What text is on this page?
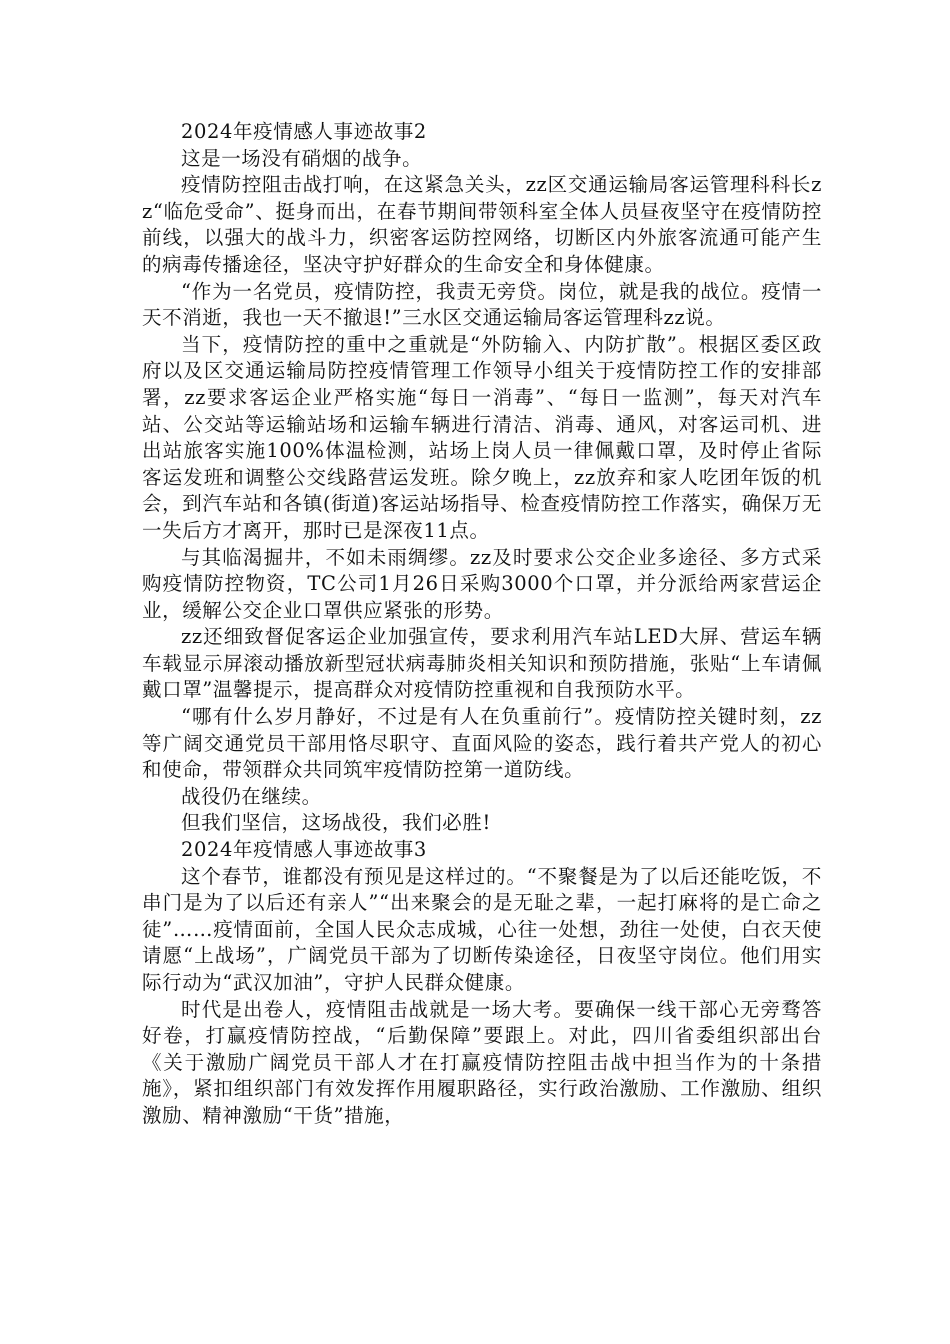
2024年疫情感人事迹故事2

这是一场没有硝烟的战争。

疫情防控阻击战打响，在这紧急关头，zz区交通运输局客运管理科科长zz“临危受命”、挺身而出，在春节期间带领科室全体人员昼夜坚守在疫情防控前线，以强大的战斗力，织密客运防控网络，切断区内外旅客流通可能产生的病毒传播途径，坚决守护好群众的生命安全和身体健康。

“作为一名党员，疫情防控，我责无旁贷。岗位，就是我的战位。疫情一天不消逝，我也一天不撤退!”三水区交通运输局客运管理科zz说。

当下，疫情防控的重中之重就是“外防输入、内防扩散”。根据区委区政府以及区交通运输局防控疫情管理工作领导小组关于疫情防控工作的安排部署，zz要求客运企业严格实施“每日一消毒”、“每日一监测”，每天对汽车站、公交站等运输站场和运输车辆进行清洁、消毒、通风，对客运司机、进出站旅客实施100%体温检测，站场上岗人员一律佩戴口罩，及时停止省际客运发班和调整公交线路营运发班。除夕晚上，zz放弃和家人吃团年饭的机会，到汽车站和各镇(街道)客运站场指导、检查疫情防控工作落实，确保万无一失后方才离开，那时已是深夜11点。

与其临渴掘井，不如未雨绸缪。zz及时要求公交企业多途径、多方式采购疫情防控物资，TC公司1月26日采购3000个口罩，并分派给两家营运企业，缓解公交企业口罩供应紧张的形势。

zz还细致督促客运企业加强宣传，要求利用汽车站LED大屏、营运车辆车载显示屏滚动播放新型冠状病毒肺炎相关知识和预防措施，张贴“上车请佩戴口罩”温馨提示，提高群众对疫情防控重视和自我预防水平。

“哪有什么岁月静好，不过是有人在负重前行”。疫情防控关键时刻，zz等广阔交通党员干部用恪尽职守、直面风险的姿态，践行着共产党人的初心和使命，带领群众共同筑牢疫情防控第一道防线。

战役仍在继续。

但我们坚信，这场战役，我们必胜!

2024年疫情感人事迹故事3

这个春节，谁都没有预见是这样过的。“不聚餐是为了以后还能吃饭，不串门是为了以后还有亲人”“出来聚会的是无耻之辈，一起打麻将的是亡命之徒”……疫情面前，全国人民众志成城，心往一处想，劲往一处使，白衣天使请愿“上战场”，广阔党员干部为了切断传染途径，日夜坚守岗位。他们用实际行动为“武汉加油”，守护人民群众健康。

时代是出卷人，疫情阻击战就是一场大考。要确保一线干部心无旁骛答好卷，打赢疫情防控战，“后勤保障”要跟上。对此，四川省委组织部出台《关于激励广阔党员干部人才在打赢疫情防控阻击战中担当作为的十条措施》，紧扣组织部门有效发挥作用履职路径，实行政治激励、工作激励、组织激励、精神激励“干货”措施，
